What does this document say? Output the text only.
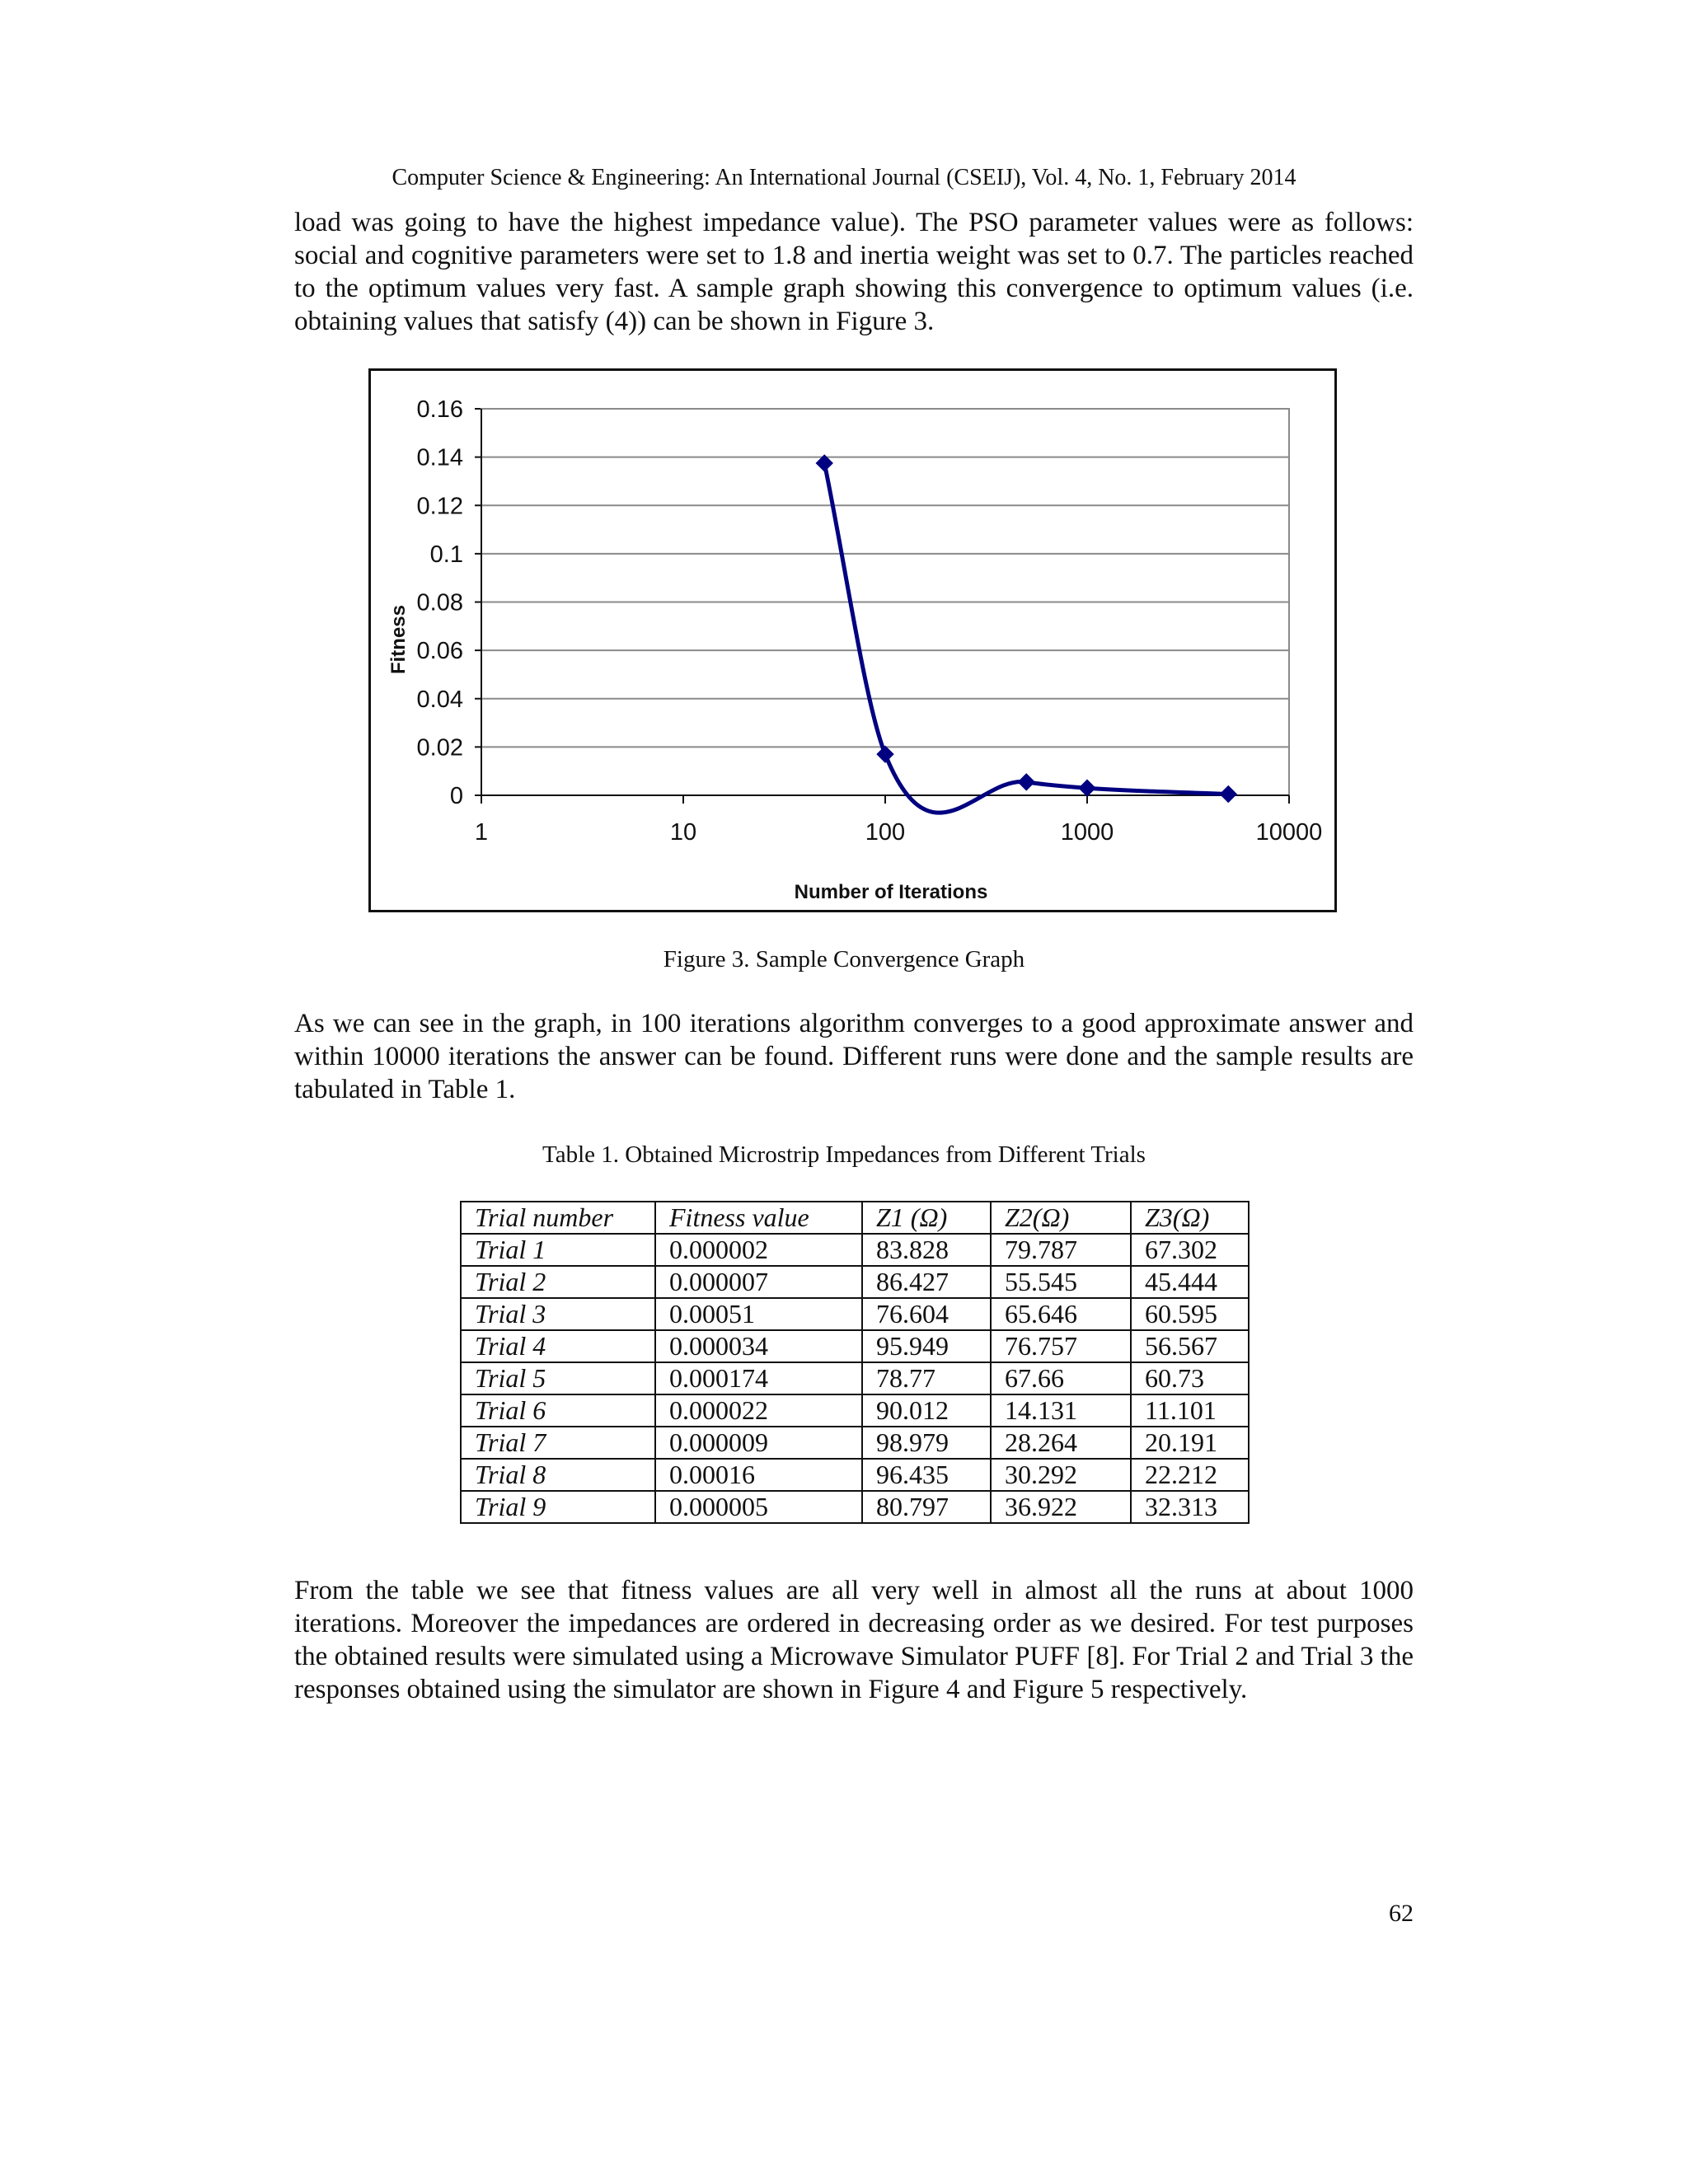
Computer Science & Engineering: An International Journal (CSEIJ), Vol. 4, No. 1, February 2014

load was going to have the highest impedance value). The PSO parameter values were as follows: social and cognitive parameters were set to 1.8 and inertia weight was set to 0.7. The particles reached to the optimum values very fast. A sample graph showing this convergence to optimum values (i.e. obtaining values that satisfy (4)) can be shown in Figure 3.

0
0.02
0.04
0.06
0.08
0.1
0.12
0.14
0.16
1	10	100	1000	10000
Number of Iterations
Fitness
Figure 3. Sample Convergence Graph

As we can see in the graph, in 100 iterations algorithm converges to a good approximate answer and within 10000 iterations the answer can be found. Different runs were done and the sample results are tabulated in Table 1.

Table 1. Obtained Microstrip Impedances from Different Trials
Trial number	Fitness value	Z1 (Ω)	Z2(Ω)	Z3(Ω)
Trial 1	0.000002	83.828	79.787	67.302
Trial 2	0.000007	86.427	55.545	45.444
Trial 3	0.00051	76.604	65.646	60.595
Trial 4	0.000034	95.949	76.757	56.567
Trial 5	0.000174	78.77	67.66	60.73
Trial 6	0.000022	90.012	14.131	11.101
Trial 7	0.000009	98.979	28.264	20.191
Trial 8	0.00016	96.435	30.292	22.212
Trial 9	0.000005	80.797	36.922	32.313

From the table we see that fitness values are all very well in almost all the runs at about 1000 iterations. Moreover the impedances are ordered in decreasing order as we desired. For test purposes the obtained results were simulated using a Microwave Simulator PUFF [8]. For Trial 2 and Trial 3 the responses obtained using the simulator are shown in Figure 4 and Figure 5 respectively.

62
